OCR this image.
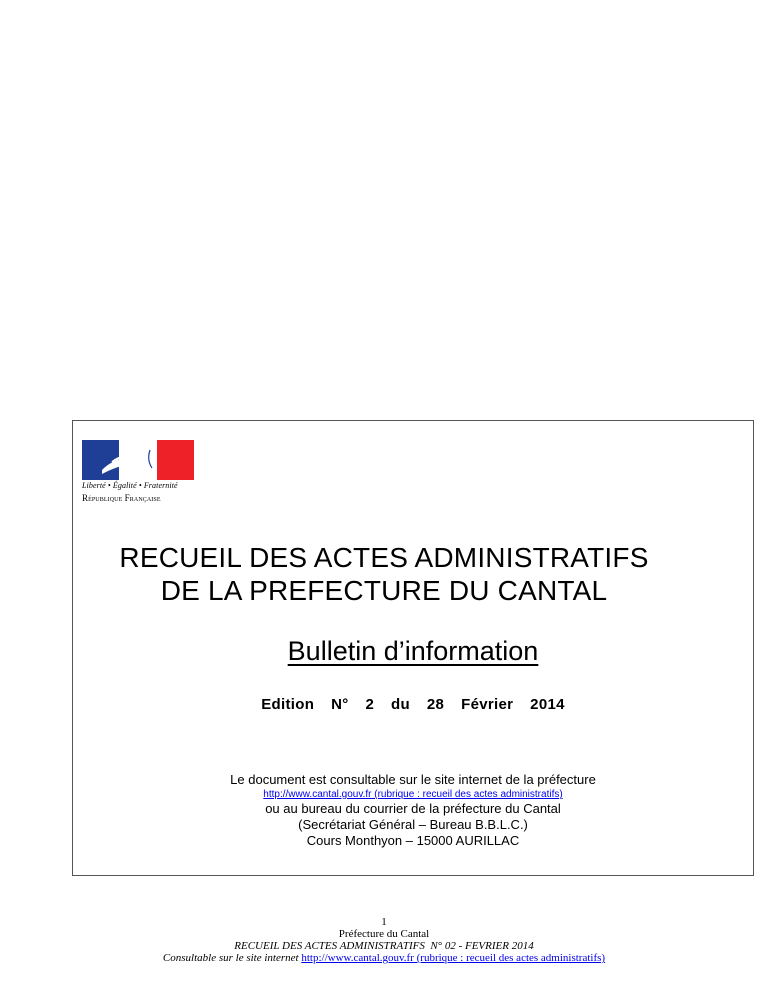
Liberté • Égalité • Fraternité
République Française
RECUEIL DES ACTES ADMINISTRATIFS
DE LA PREFECTURE DU CANTAL
Bulletin d’information
Edition  N°  2  du  28  Février  2014
Le document est consultable sur le site internet de la préfecture
http://www.cantal.gouv.fr (rubrique : recueil des actes administratifs)
ou au bureau du courrier de la préfecture du Cantal
(Secrétariat Général – Bureau B.B.L.C.)
Cours Monthyon – 15000 AURILLAC
1
Préfecture du Cantal
RECUEIL DES ACTES ADMINISTRATIFS  N° 02 - FEVRIER 2014
Consultable sur le site internet http://www.cantal.gouv.fr (rubrique : recueil des actes administratifs)
